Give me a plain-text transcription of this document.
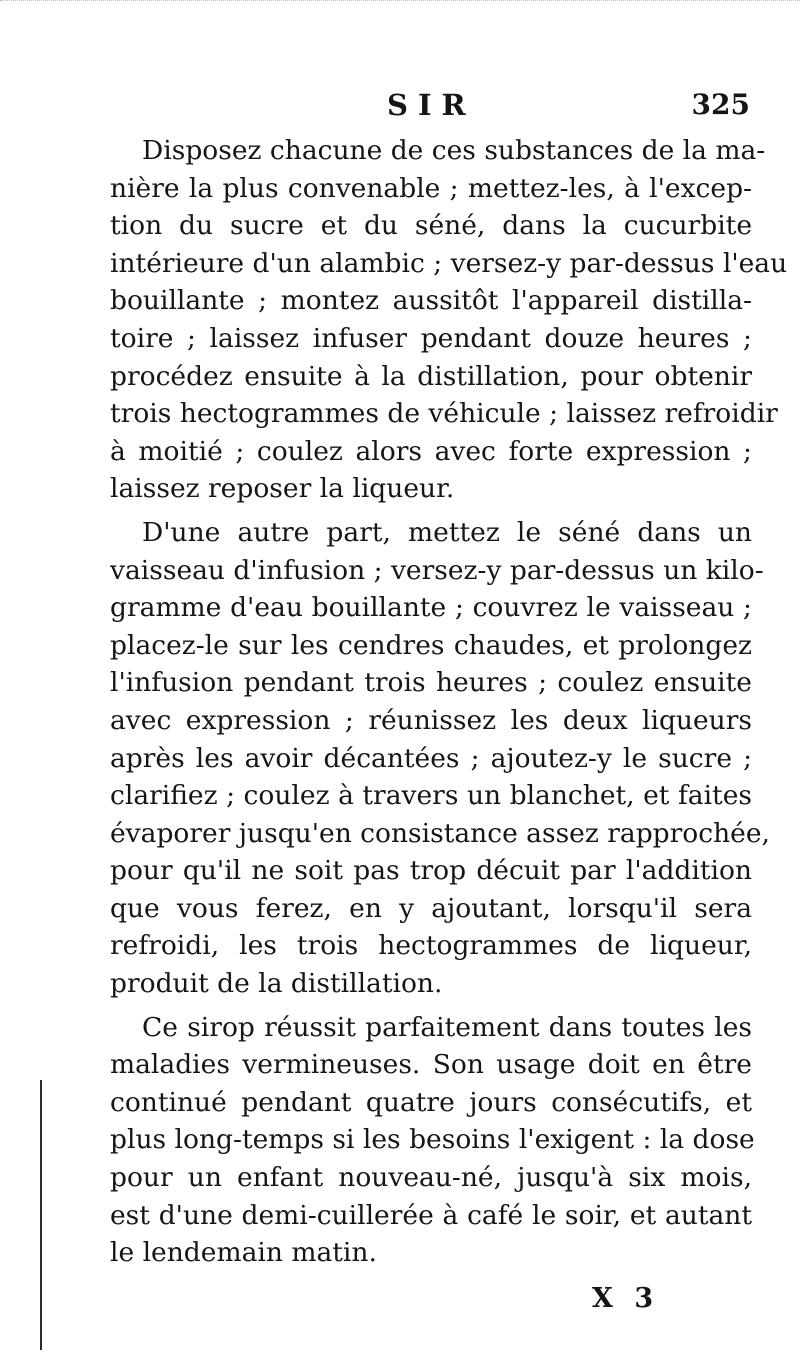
SIR	325
Disposez chacune de ces substances de la ma-
nière la plus convenable ; mettez-les, à l'excep-
tion du sucre et du séné, dans la cucurbite
intérieure d'un alambic ; versez-y par-dessus l'eau
bouillante ; montez aussitôt l'appareil distilla-
toire ; laissez infuser pendant douze heures ;
procédez ensuite à la distillation, pour obtenir
trois hectogrammes de véhicule ; laissez refroidir
à moitié ; coulez alors avec forte expression ;
laissez reposer la liqueur.
D'une autre part, mettez le séné dans un
vaisseau d'infusion ; versez-y par-dessus un kilo-
gramme d'eau bouillante ; couvrez le vaisseau ;
placez-le sur les cendres chaudes, et prolongez
l'infusion pendant trois heures ; coulez ensuite
avec expression ; réunissez les deux liqueurs
après les avoir décantées ; ajoutez-y le sucre ;
clarifiez ; coulez à travers un blanchet, et faites
évaporer jusqu'en consistance assez rapprochée,
pour qu'il ne soit pas trop décuit par l'addition
que vous ferez, en y ajoutant, lorsqu'il sera
refroidi, les trois hectogrammes de liqueur,
produit de la distillation.
Ce sirop réussit parfaitement dans toutes les
maladies vermineuses. Son usage doit en être
continué pendant quatre jours consécutifs, et
plus long-temps si les besoins l'exigent : la dose
pour un enfant nouveau-né, jusqu'à six mois,
est d'une demi-cuillerée à café le soir, et autant
le lendemain matin.
X 3
